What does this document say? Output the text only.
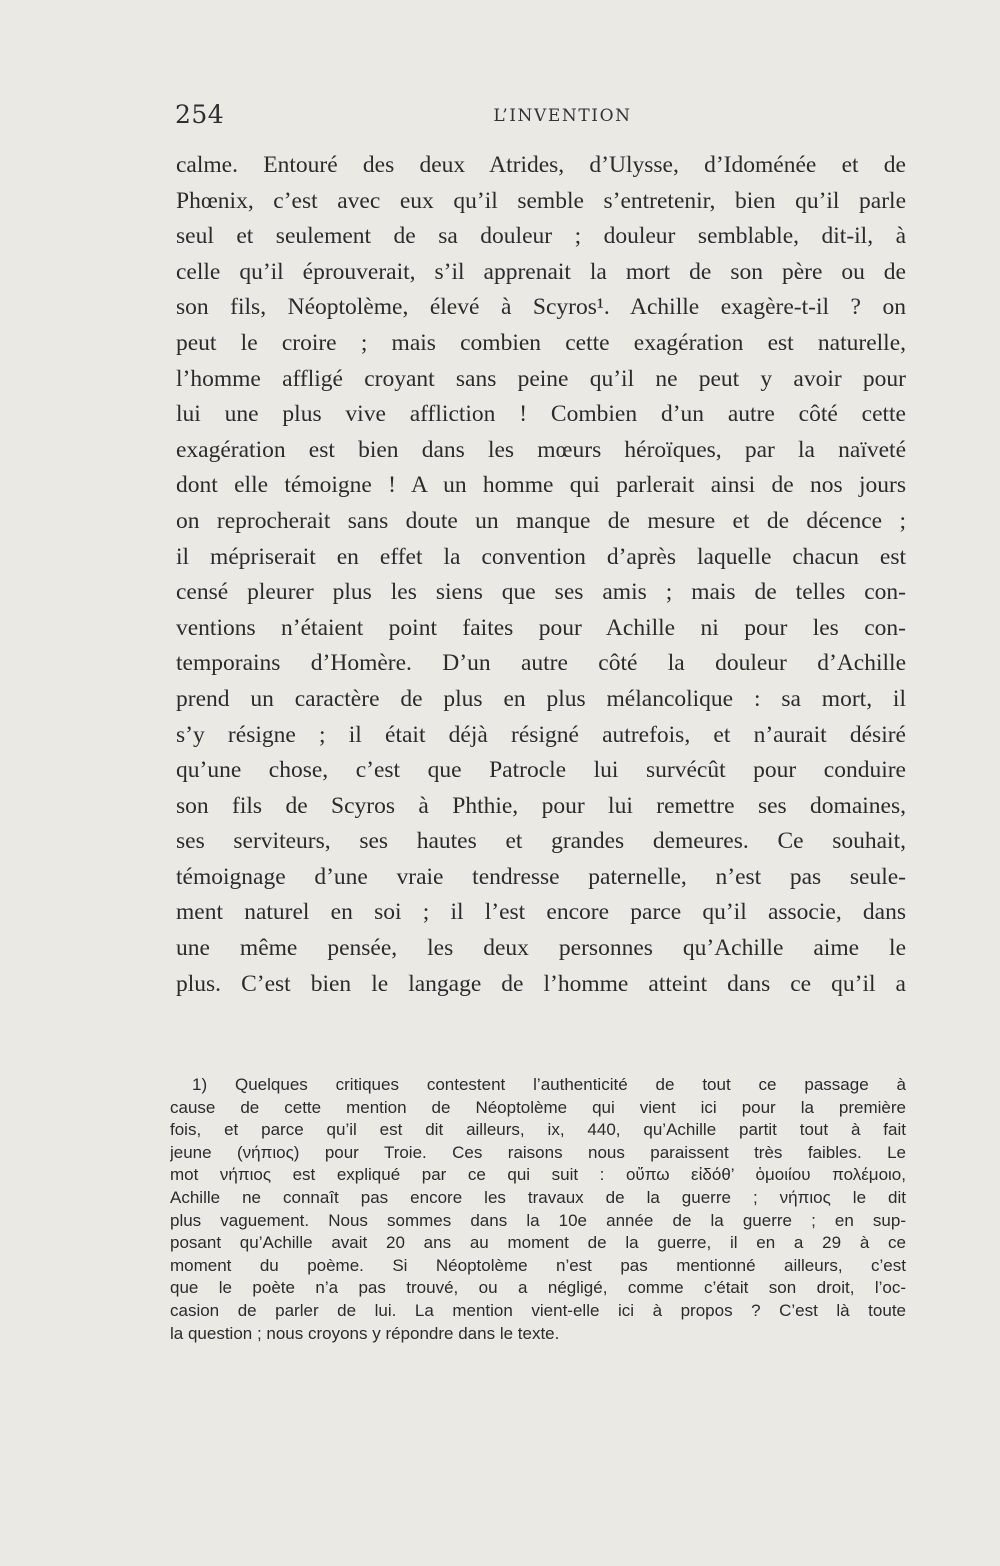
254	L’INVENTION
calme. Entouré des deux Atrides, d’Ulysse, d’Idoménée et de
Phœnix, c’est avec eux qu’il semble s’entretenir, bien qu’il parle
seul et seulement de sa douleur ; douleur semblable, dit-il, à
celle qu’il éprouverait, s’il apprenait la mort de son père ou de
son fils, Néoptolème, élevé à Scyros¹. Achille exagère-t-il ? on
peut le croire ; mais combien cette exagération est naturelle,
l’homme affligé croyant sans peine qu’il ne peut y avoir pour
lui une plus vive affliction ! Combien d’un autre côté cette
exagération est bien dans les mœurs héroïques, par la naïveté
dont elle témoigne ! A un homme qui parlerait ainsi de nos jours
on reprocherait sans doute un manque de mesure et de décence ;
il mépriserait en effet la convention d’après laquelle chacun est
censé pleurer plus les siens que ses amis ; mais de telles con-
ventions n’étaient point faites pour Achille ni pour les con-
temporains d’Homère. D’un autre côté la douleur d’Achille
prend un caractère de plus en plus mélancolique : sa mort, il
s’y résigne ; il était déjà résigné autrefois, et n’aurait désiré
qu’une chose, c’est que Patrocle lui survécût pour conduire
son fils de Scyros à Phthie, pour lui remettre ses domaines,
ses serviteurs, ses hautes et grandes demeures. Ce souhait,
témoignage d’une vraie tendresse paternelle, n’est pas seule-
ment naturel en soi ; il l’est encore parce qu’il associe, dans
une même pensée, les deux personnes qu’Achille aime le
plus. C’est bien le langage de l’homme atteint dans ce qu’il a
1) Quelques critiques contestent l’authenticité de tout ce passage à
cause de cette mention de Néoptolème qui vient ici pour la première
fois, et parce qu’il est dit ailleurs, ix, 440, qu’Achille partit tout à fait
jeune (νήπιος) pour Troie. Ces raisons nous paraissent très faibles. Le
mot νήπιος est expliqué par ce qui suit : οὔπω εἰδόθ’ ὁμοιίου πολέμοιο,
Achille ne connaît pas encore les travaux de la guerre ; νήπιος le dit
plus vaguement. Nous sommes dans la 10e année de la guerre ; en sup-
posant qu’Achille avait 20 ans au moment de la guerre, il en a 29 à ce
moment du poème. Si Néoptolème n’est pas mentionné ailleurs, c’est
que le poète n’a pas trouvé, ou a négligé, comme c’était son droit, l’oc-
casion de parler de lui. La mention vient-elle ici à propos ? C’est là toute
la question ; nous croyons y répondre dans le texte.
